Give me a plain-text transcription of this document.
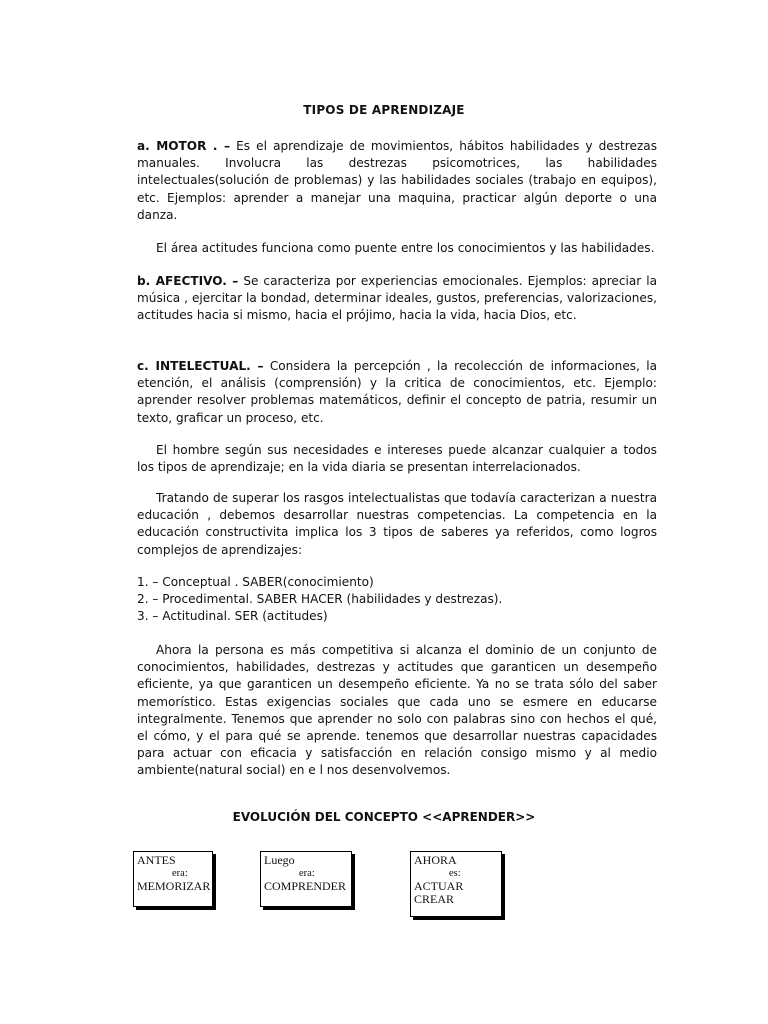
TIPOS DE APRENDIZAJE

a. MOTOR . – Es el aprendizaje de movimientos, hábitos habilidades y destrezas manuales. Involucra las destrezas psicomotrices, las habilidades intelectuales(solución de problemas) y las habilidades sociales (trabajo en equipos), etc. Ejemplos: aprender a manejar una maquina, practicar algún deporte o una danza.

El área actitudes funciona como puente entre los conocimientos y las habilidades.

b. AFECTIVO. – Se caracteriza por experiencias emocionales. Ejemplos: apreciar la música , ejercitar la bondad, determinar ideales, gustos, preferencias, valorizaciones, actitudes hacia si mismo, hacia el prójimo, hacia la vida, hacia Dios, etc.

c. INTELECTUAL. – Considera la percepción , la recolección de informaciones, la etención, el análisis (comprensión) y la critica de conocimientos, etc. Ejemplo: aprender resolver problemas matemáticos, definir el concepto de patria, resumir un texto, graficar un proceso, etc.

El hombre según sus necesidades e intereses puede alcanzar cualquier a todos los tipos de aprendizaje; en la vida diaria se presentan interrelacionados.

Tratando de superar los rasgos intelectualistas que todavía caracterizan a nuestra educación , debemos desarrollar nuestras competencias. La competencia en la educación constructivita implica los 3 tipos de saberes ya referidos, como logros complejos de aprendizajes:

1. – Conceptual . SABER(conocimiento)
2. – Procedimental. SABER HACER (habilidades y destrezas).
3. – Actitudinal. SER (actitudes)

Ahora la persona es más competitiva si alcanza el dominio de un conjunto de conocimientos, habilidades, destrezas y actitudes que garanticen un desempeño eficiente, ya que garanticen un desempeño eficiente. Ya no se trata sólo del saber memorístico. Estas exigencias sociales que cada uno se esmere en educarse integralmente. Tenemos que aprender no solo con palabras sino con hechos el qué, el cómo, y el para qué se aprende. tenemos que desarrollar nuestras capacidades para actuar con eficacia y satisfacción en relación consigo mismo y al medio ambiente(natural social) en e l nos desenvolvemos.

EVOLUCIÓN DEL CONCEPTO <<APRENDER>>
ANTES
era:
MEMORIZAR
Luego
era:
COMPRENDER
AHORA
es:
ACTUAR
CREAR
